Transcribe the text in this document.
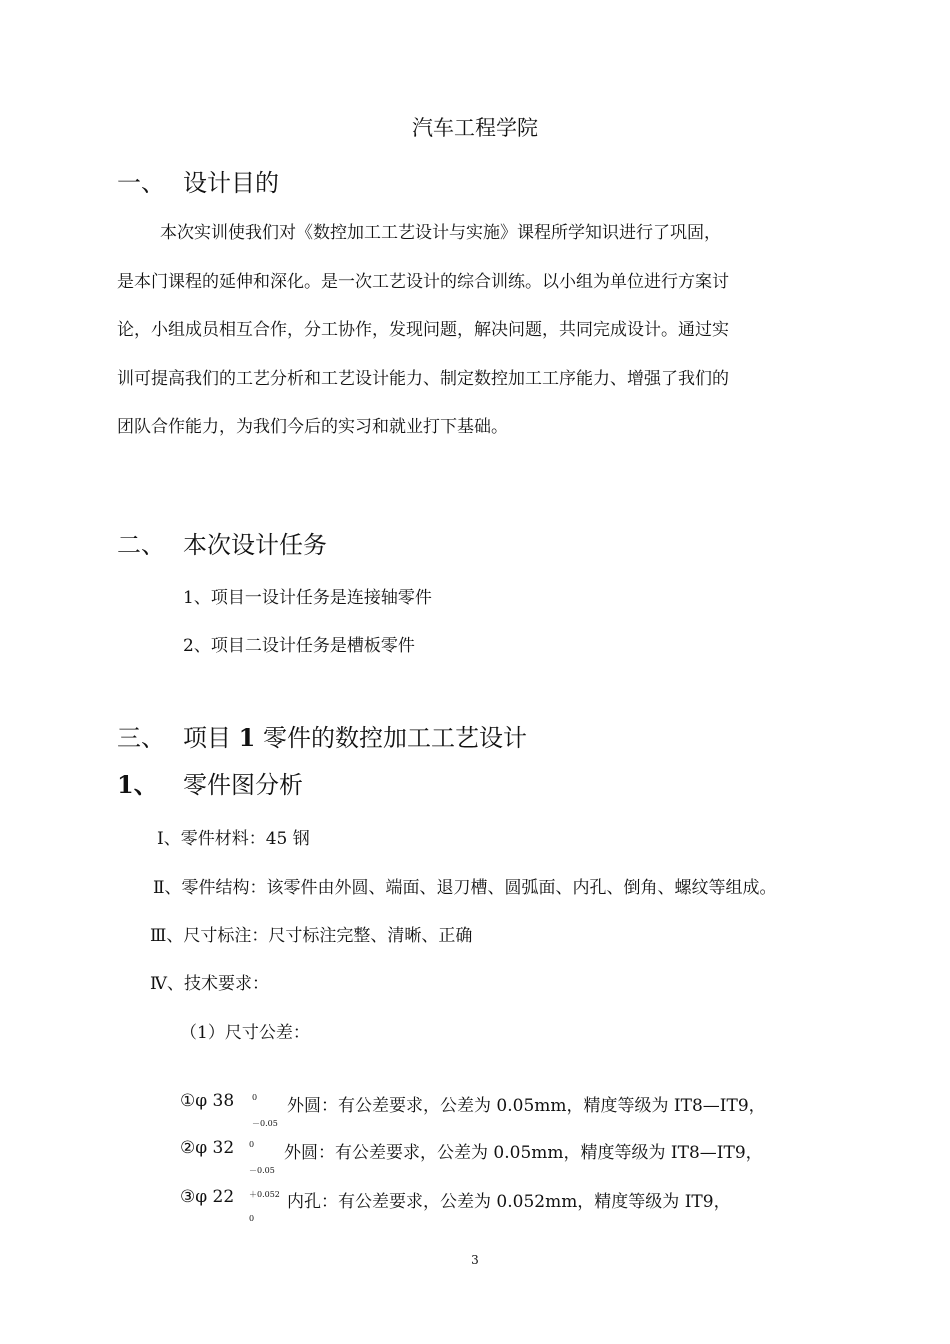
汽车工程学院
一、 设计目的
本次实训使我们对《数控加工工艺设计与实施》课程所学知识进行了巩固，
是本门课程的延伸和深化。是一次工艺设计的综合训练。以小组为单位进行方案讨
论，小组成员相互合作，分工协作，发现问题，解决问题，共同完成设计。通过实
训可提高我们的工艺分析和工艺设计能力、制定数控加工工序能力、增强了我们的
团队合作能力，为我们今后的实习和就业打下基础。
二、 本次设计任务
1、项目一设计任务是连接轴零件
2、项目二设计任务是槽板零件
三、 项目 1 零件的数控加工工艺设计
1、 零件图分析
Ⅰ、零件材料：45 钢
Ⅱ、零件结构：该零件由外圆、端面、退刀槽、圆弧面、内孔、倒角、螺纹等组成。
Ⅲ、尺寸标注：尺寸标注完整、清晰、正确
Ⅳ、技术要求：
（1）尺寸公差：
①φ 38 0
－0.05
外圆：有公差要求，公差为 0.05mm，精度等级为 IT8—IT9，
②φ 32 0
－0.05
外圆：有公差要求，公差为 0.05mm，精度等级为 IT8—IT9，
③φ 22 ＋0.052
0
内孔：有公差要求，公差为 0.052mm，精度等级为 IT9，
3
